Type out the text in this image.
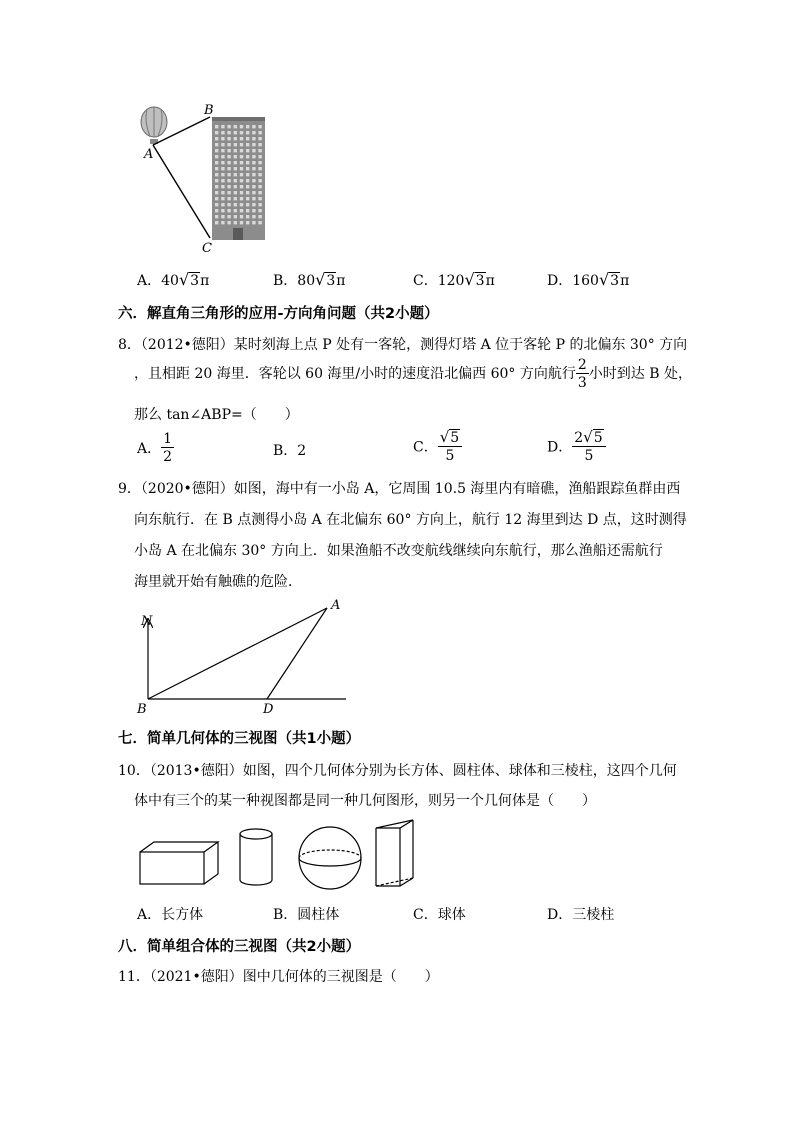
B
A
C
A．40√3π	B．80√3π	C．120√3π	D．160√3π
六．解直角三角形的应用-方向角问题（共2小题）
8．（2012•德阳）某时刻海上点 P 处有一客轮，测得灯塔 A 位于客轮 P 的北偏东 30° 方向
，且相距 20 海里．客轮以 60 海里/小时的速度沿北偏西 60° 方向航行 $\frac{2}{3}$ 小时到达 B 处，
那么 tan∠ABP=（　　）
A． $\frac{1}{2}$	B．2	C． $\frac{√5}{5}$	D． $\frac{2√5}{5}$
9．（2020•德阳）如图，海中有一小岛 A，它周围 10.5 海里内有暗礁，渔船跟踪鱼群由西
向东航行．在 B 点测得小岛 A 在北偏东 60° 方向上，航行 12 海里到达 D 点，这时测得
小岛 A 在北偏东 30° 方向上．如果渔船不改变航线继续向东航行，那么渔船还需航行
海里就开始有触礁的危险．
N
A
B	D
七．简单几何体的三视图（共1小题）
10．（2013•德阳）如图，四个几何体分别为长方体、圆柱体、球体和三棱柱，这四个几何
体中有三个的某一种视图都是同一种几何图形，则另一个几何体是（　　）
A．长方体	B．圆柱体	C．球体	D．三棱柱
八．简单组合体的三视图（共2小题）
11．（2021•德阳）图中几何体的三视图是（　　）
